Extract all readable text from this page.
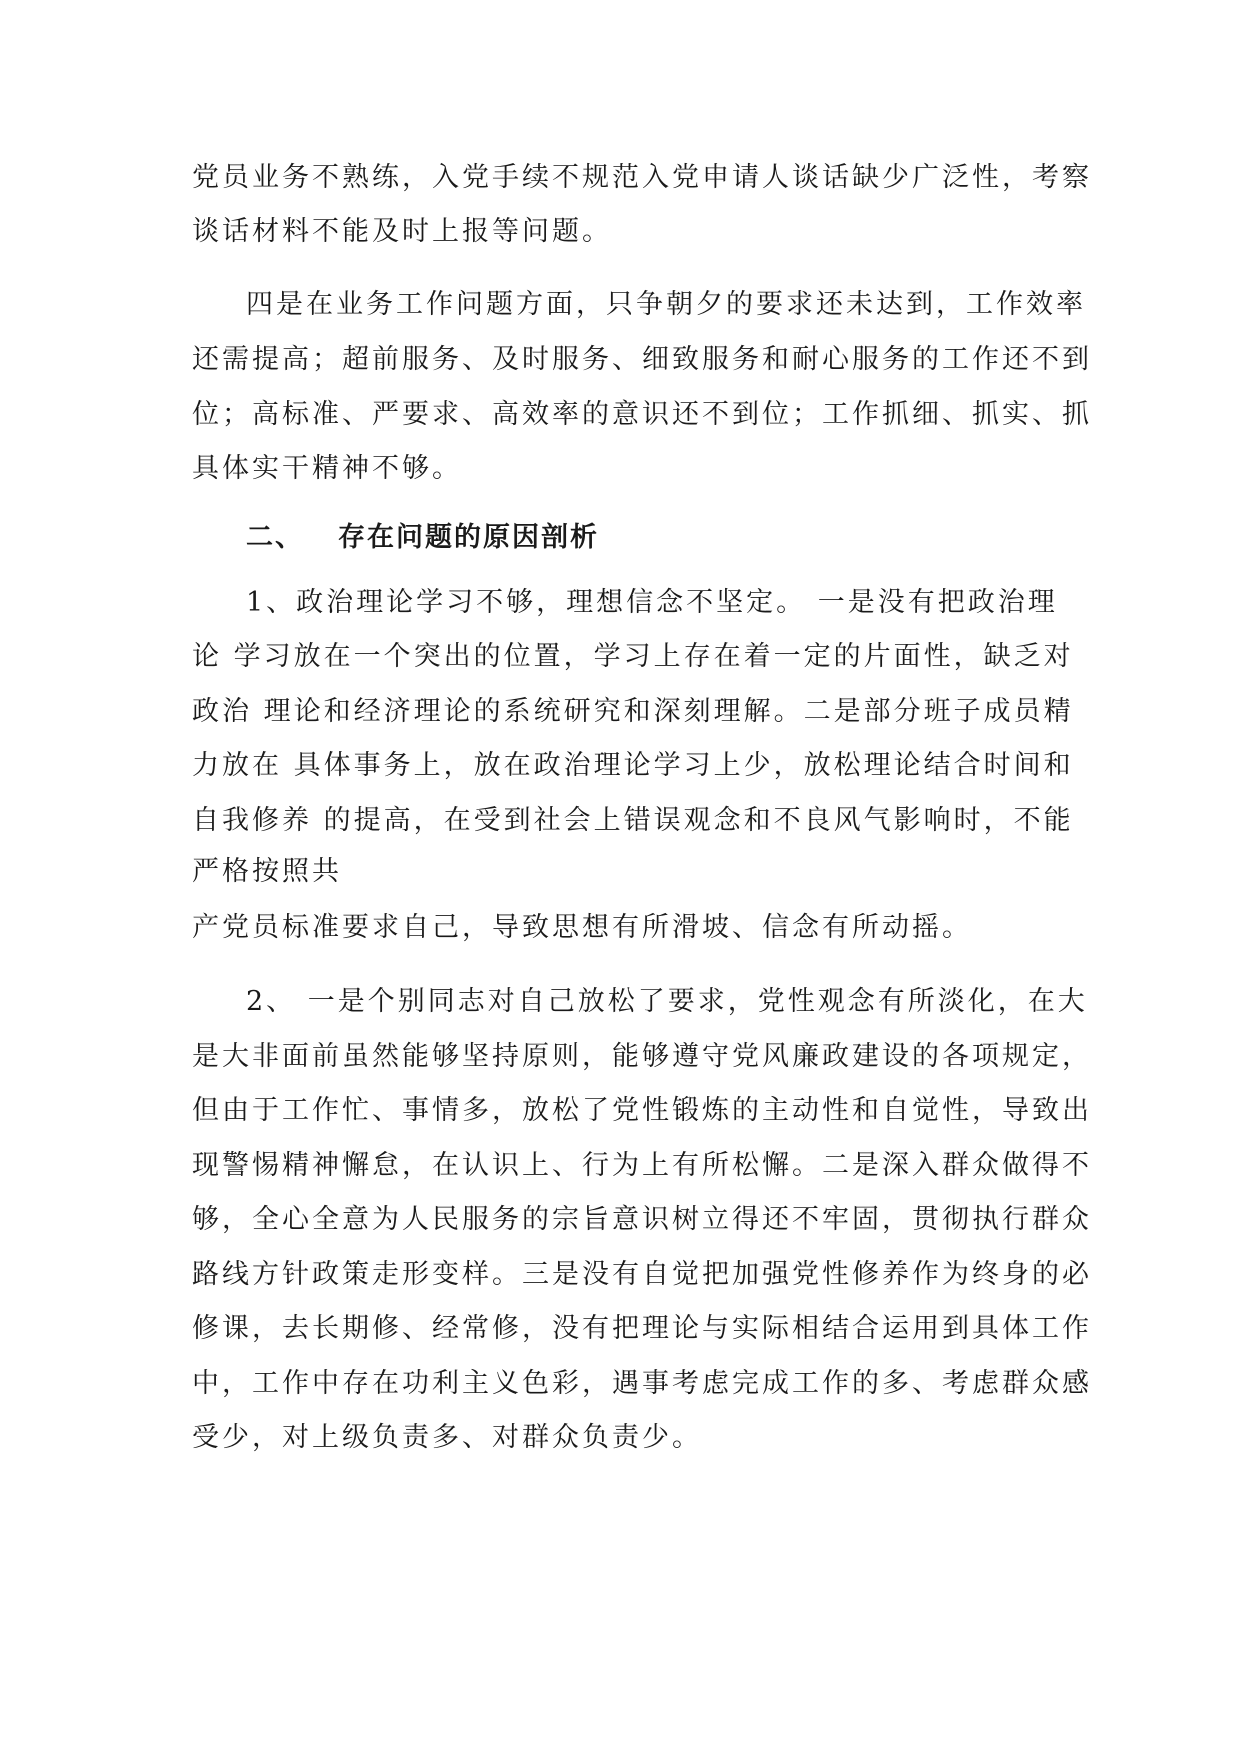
党员业务不熟练，入党手续不规范入党申请人谈话缺少广泛性，考察

谈话材料不能及时上报等问题。

四是在业务工作问题方面，只争朝夕的要求还未达到，工作效率

还需提高；超前服务、及时服务、细致服务和耐心服务的工作还不到

位；高标准、严要求、高效率的意识还不到位；工作抓细、抓实、抓

具体实干精神不够。

二、 存在问题的原因剖析

1、政治理论学习不够，理想信念不坚定。 一是没有把政治理

论 学习放在一个突出的位置，学习上存在着一定的片面性，缺乏对

政治 理论和经济理论的系统研究和深刻理解。二是部分班子成员精

力放在 具体事务上，放在政治理论学习上少，放松理论结合时间和

自我修养 的提高，在受到社会上错误观念和不良风气影响时，不能

严格按照共

产党员标准要求自己，导致思想有所滑坡、信念有所动摇。

2、 一是个别同志对自己放松了要求，党性观念有所淡化，在大

是大非面前虽然能够坚持原则，能够遵守党风廉政建设的各项规定，

但由于工作忙、事情多，放松了党性锻炼的主动性和自觉性，导致出

现警惕精神懈怠，在认识上、行为上有所松懈。二是深入群众做得不

够，全心全意为人民服务的宗旨意识树立得还不牢固，贯彻执行群众

路线方针政策走形变样。三是没有自觉把加强党性修养作为终身的必

修课，去长期修、经常修，没有把理论与实际相结合运用到具体工作

中，工作中存在功利主义色彩，遇事考虑完成工作的多、考虑群众感

受少，对上级负责多、对群众负责少。
